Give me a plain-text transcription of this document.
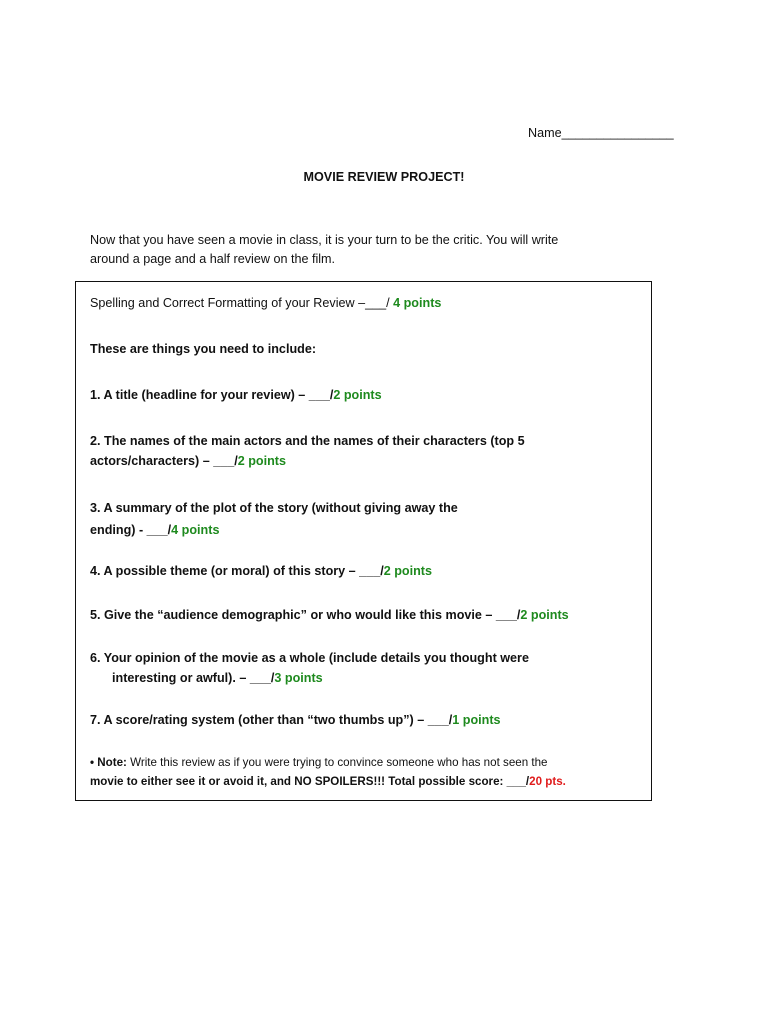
Name________________
MOVIE REVIEW PROJECT!
Now that you have seen a movie in class, it is your turn to be the critic. You will write
around a page and a half review on the film.
Spelling and Correct Formatting of your Review –___/ 4 points
These are things you need to include:
1. A title (headline for your review) – ___/2 points
2. The names of the main actors and the names of their characters (top 5
actors/characters) – ___/2 points
3. A summary of the plot of the story (without giving away the
ending) - ___/4 points
4. A possible theme (or moral) of this story – ___/2 points
5. Give the “audience demographic” or who would like this movie – ___/2 points
6. Your opinion of the movie as a whole (include details you thought were
interesting or awful). – ___/3 points
7. A score/rating system (other than “two thumbs up”) – ___/1 points
• Note: Write this review as if you were trying to convince someone who has not seen the
movie to either see it or avoid it, and NO SPOILERS!!! Total possible score: ___/20 pts.
